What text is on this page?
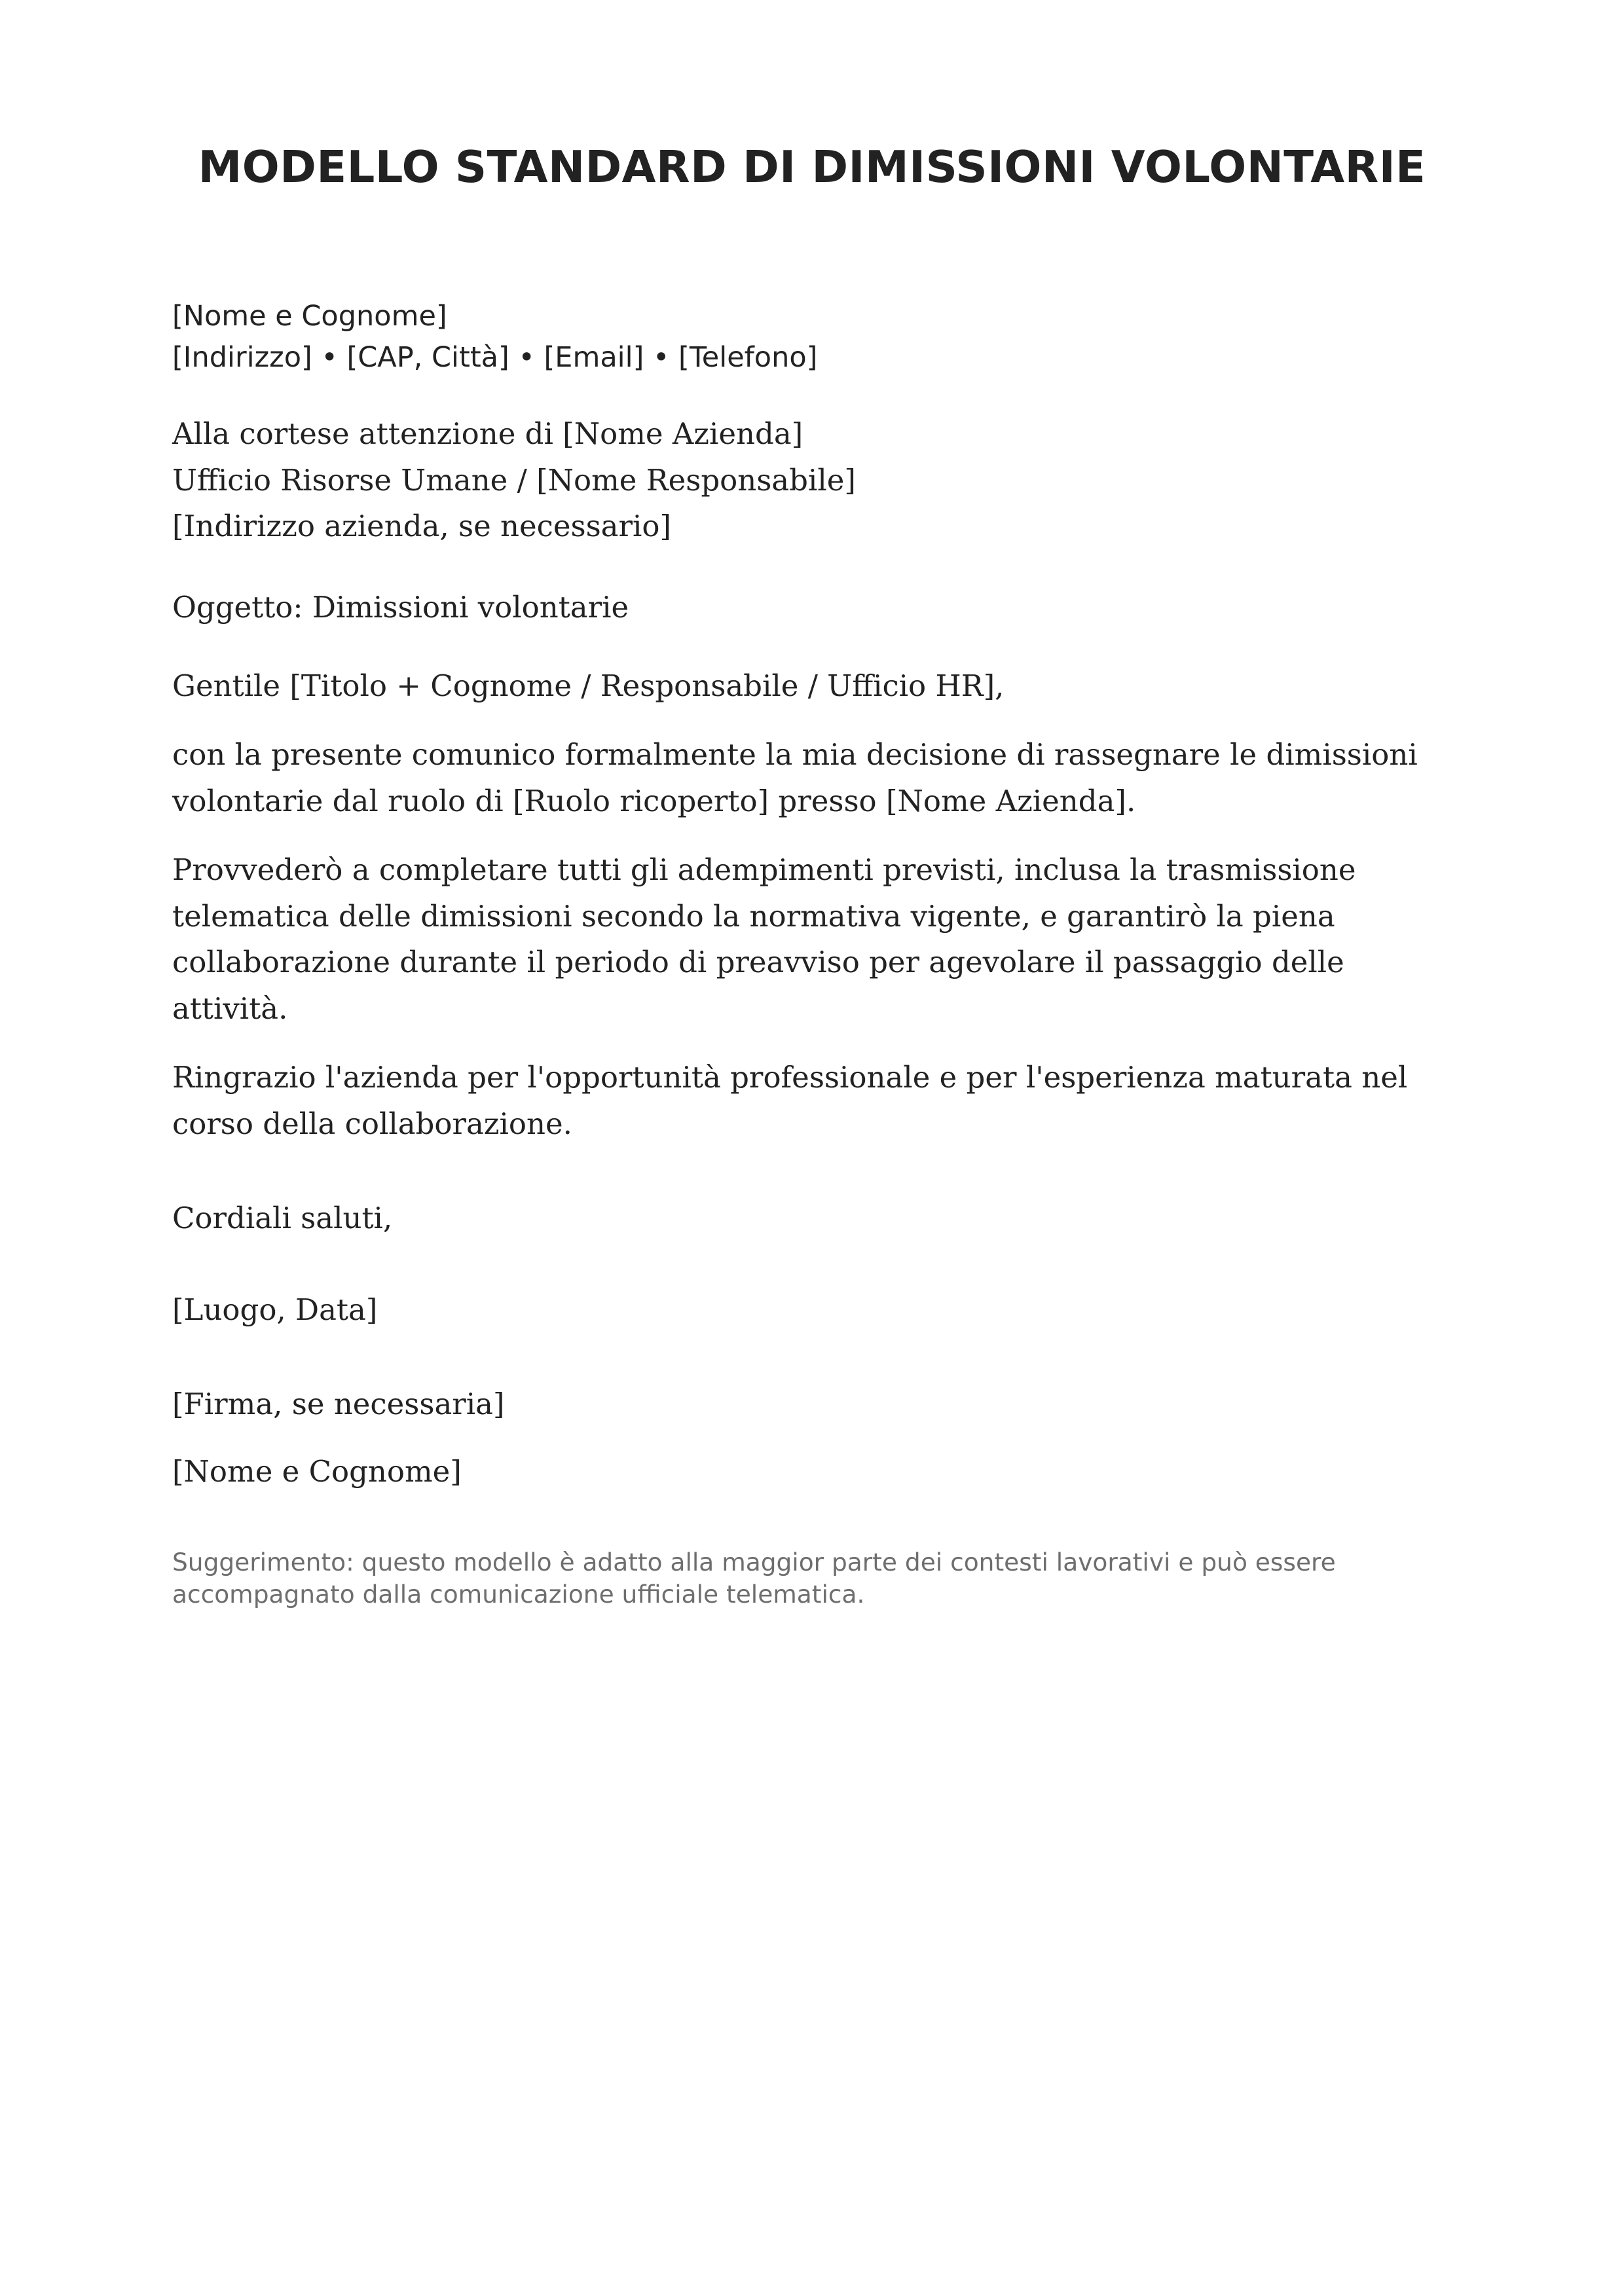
MODELLO STANDARD DI DIMISSIONI VOLONTARIE
[Nome e Cognome]
[Indirizzo] • [CAP, Città] • [Email] • [Telefono]
Alla cortese attenzione di [Nome Azienda]
Ufficio Risorse Umane / [Nome Responsabile]
[Indirizzo azienda, se necessario]

Oggetto: Dimissioni volontarie

Gentile [Titolo + Cognome / Responsabile / Ufficio HR],

con la presente comunico formalmente la mia decisione di rassegnare le dimissioni volontarie dal ruolo di [Ruolo ricoperto] presso [Nome Azienda].

Provvederò a completare tutti gli adempimenti previsti, inclusa la trasmissione telematica delle dimissioni secondo la normativa vigente, e garantirò la piena collaborazione durante il periodo di preavviso per agevolare il passaggio delle attività.

Ringrazio l'azienda per l'opportunità professionale e per l'esperienza maturata nel corso della collaborazione.

Cordiali saluti,

[Luogo, Data]

[Firma, se necessaria]

[Nome e Cognome]

Suggerimento: questo modello è adatto alla maggior parte dei contesti lavorativi e può essere accompagnato dalla comunicazione ufficiale telematica.
